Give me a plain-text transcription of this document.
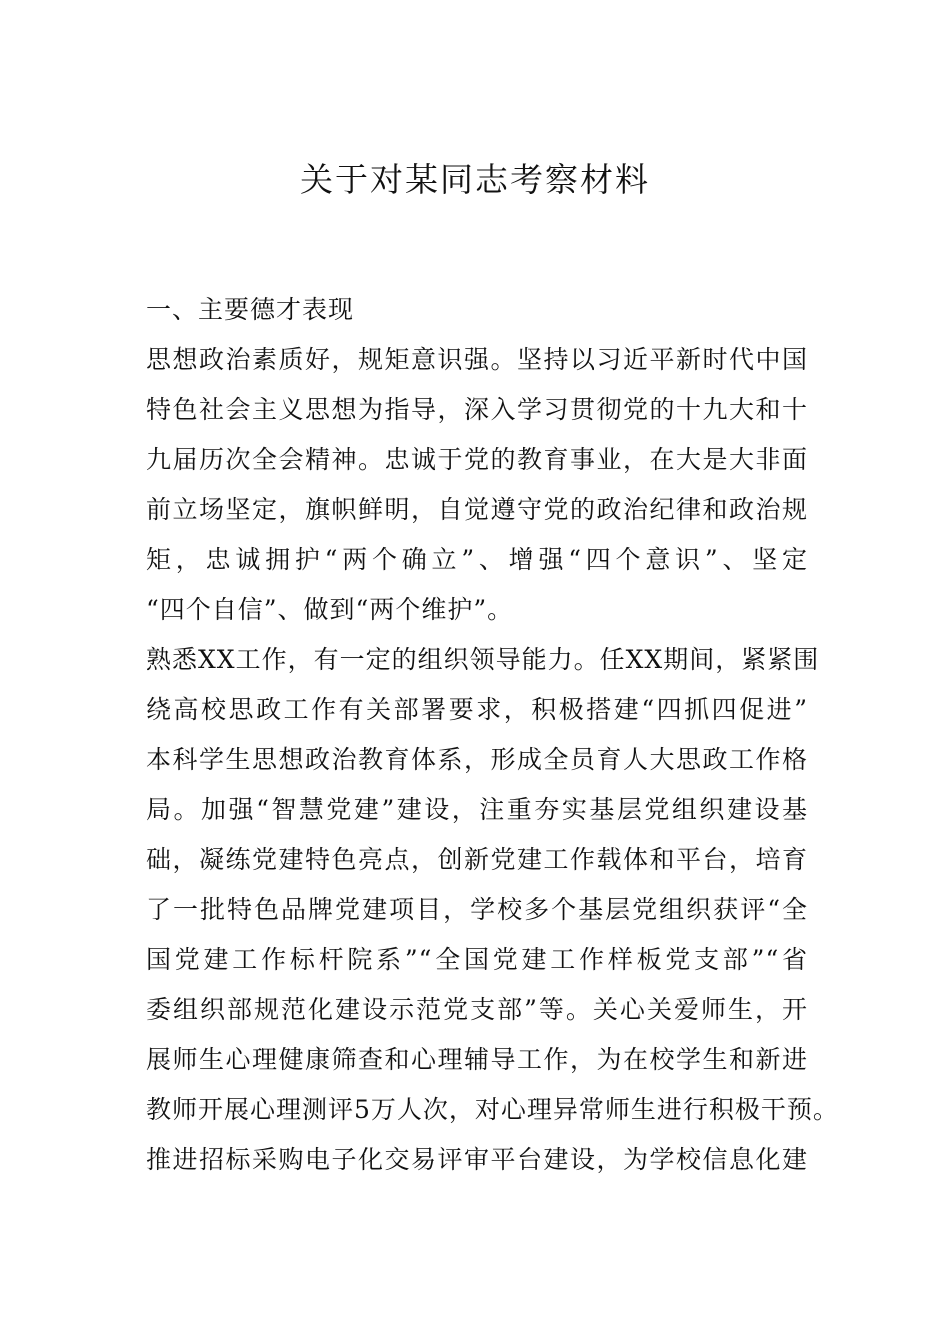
关于对某同志考察材料
一、主要德才表现
思想政治素质好，规矩意识强。坚持以习近平新时代中国
特色社会主义思想为指导，深入学习贯彻党的十九大和十
九届历次全会精神。忠诚于党的教育事业，在大是大非面
前立场坚定，旗帜鲜明，自觉遵守党的政治纪律和政治规
矩，忠诚拥护“两个确立”、增强“四个意识”、坚定
“四个自信”、做到“两个维护”。
熟悉XX工作，有一定的组织领导能力。任XX期间，紧紧围
绕高校思政工作有关部署要求，积极搭建“四抓四促进”
本科学生思想政治教育体系，形成全员育人大思政工作格
局。加强“智慧党建”建设，注重夯实基层党组织建设基
础，凝练党建特色亮点，创新党建工作载体和平台，培育
了一批特色品牌党建项目，学校多个基层党组织获评“全
国党建工作标杆院系”“全国党建工作样板党支部”“省
委组织部规范化建设示范党支部”等。关心关爱师生，开
展师生心理健康筛查和心理辅导工作，为在校学生和新进
教师开展心理测评5万人次，对心理异常师生进行积极干预。
推进招标采购电子化交易评审平台建设，为学校信息化建
